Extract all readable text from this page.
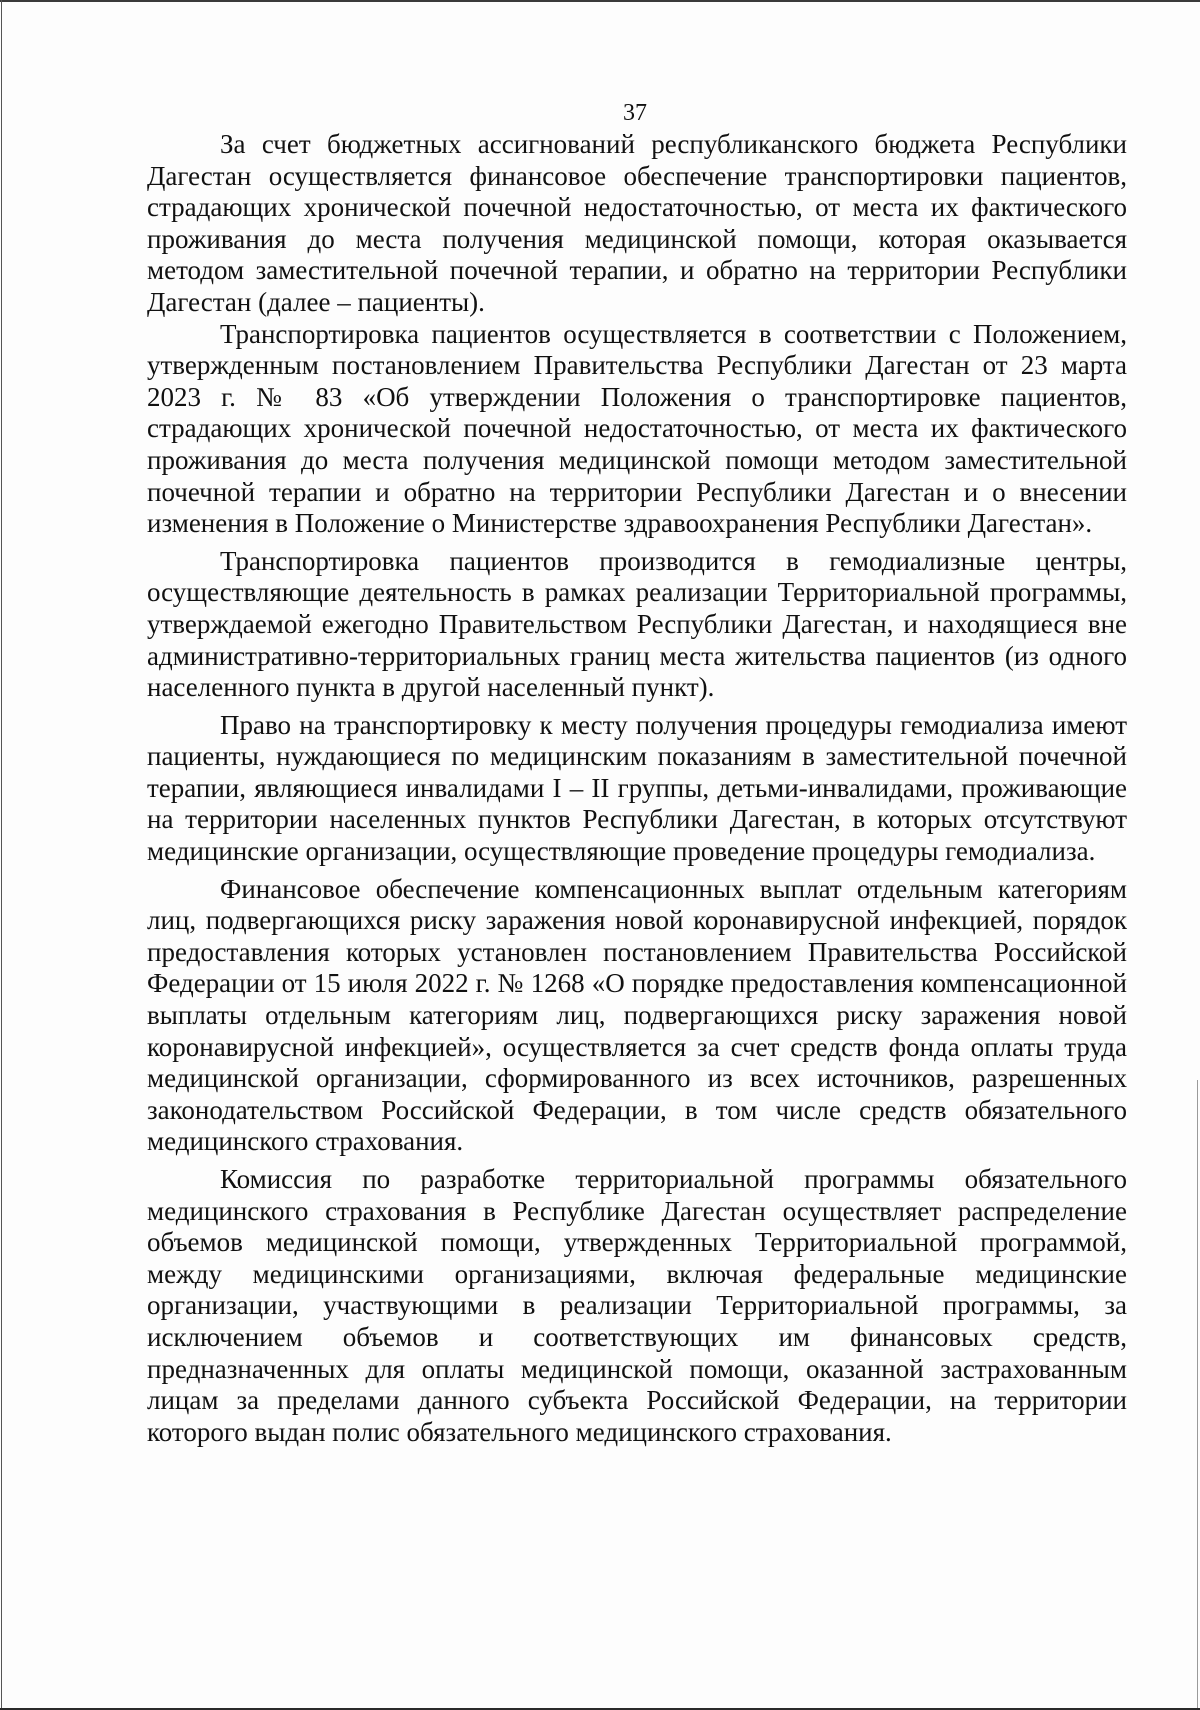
37

За счет бюджетных ассигнований республиканского бюджета Республики Дагестан осуществляется финансовое обеспечение транспортировки пациентов, страдающих хронической почечной недостаточностью, от места их фактического проживания до места получения медицинской помощи, которая оказывается методом заместительной почечной терапии, и обратно на территории Республики Дагестан (далее – пациенты).

Транспортировка пациентов осуществляется в соответствии с Положением, утвержденным постановлением Правительства Республики Дагестан от 23 марта 2023 г. № 83 «Об утверждении Положения о транспортировке пациентов, страдающих хронической почечной недостаточностью, от места их фактического проживания до места получения медицинской помощи методом заместительной почечной терапии и обратно на территории Республики Дагестан и о внесении изменения в Положение о Министерстве здравоохранения Республики Дагестан».

Транспортировка пациентов производится в гемодиализные центры, осуществляющие деятельность в рамках реализации Территориальной программы, утверждаемой ежегодно Правительством Республики Дагестан, и находящиеся вне административно-территориальных границ места жительства пациентов (из одного населенного пункта в другой населенный пункт).

Право на транспортировку к месту получения процедуры гемодиализа имеют пациенты, нуждающиеся по медицинским показаниям в заместительной почечной терапии, являющиеся инвалидами I – II группы, детьми-инвалидами, проживающие на территории населенных пунктов Республики Дагестан, в которых отсутствуют медицинские организации, осуществляющие проведение процедуры гемодиализа.

Финансовое обеспечение компенсационных выплат отдельным категориям лиц, подвергающихся риску заражения новой коронавирусной инфекцией, порядок предоставления которых установлен постановлением Правительства Российской Федерации от 15 июля 2022 г. № 1268 «О порядке предоставления компенсационной выплаты отдельным категориям лиц, подвергающихся риску заражения новой коронавирусной инфекцией», осуществляется за счет средств фонда оплаты труда медицинской организации, сформированного из всех источников, разрешенных законодательством Российской Федерации, в том числе средств обязательного медицинского страхования.

Комиссия по разработке территориальной программы обязательного медицинского страхования в Республике Дагестан осуществляет распределение объемов медицинской помощи, утвержденных Территориальной программой, между медицинскими организациями, включая федеральные медицинские организации, участвующими в реализации Территориальной программы, за исключением объемов и соответствующих им финансовых средств, предназначенных для оплаты медицинской помощи, оказанной застрахованным лицам за пределами данного субъекта Российской Федерации, на территории которого выдан полис обязательного медицинского страхования.
